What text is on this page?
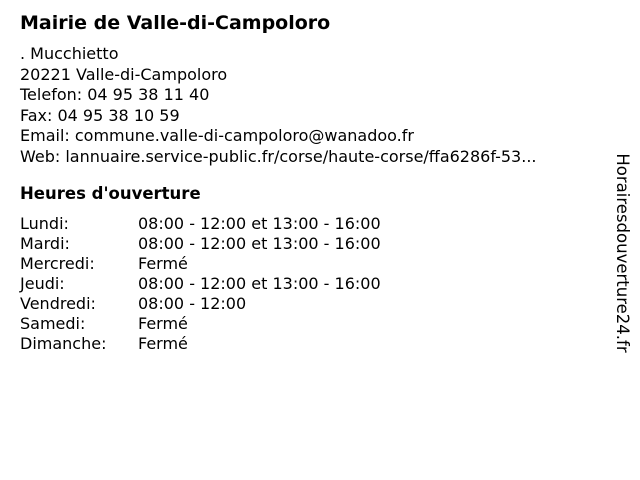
Mairie de Valle-di-Campoloro
. Mucchietto
20221 Valle-di-Campoloro
Telefon: 04 95 38 11 40
Fax: 04 95 38 10 59
Email: commune.valle-di-campoloro@wanadoo.fr
Web: lannuaire.service-public.fr/corse/haute-corse/ffa6286f-53...
Heures d'ouverture
Lundi:	08:00 - 12:00 et 13:00 - 16:00
Mardi:	08:00 - 12:00 et 13:00 - 16:00
Mercredi:	Fermé
Jeudi:	08:00 - 12:00 et 13:00 - 16:00
Vendredi:	08:00 - 12:00
Samedi:	Fermé
Dimanche:	Fermé	Horairesdouverture24.fr
